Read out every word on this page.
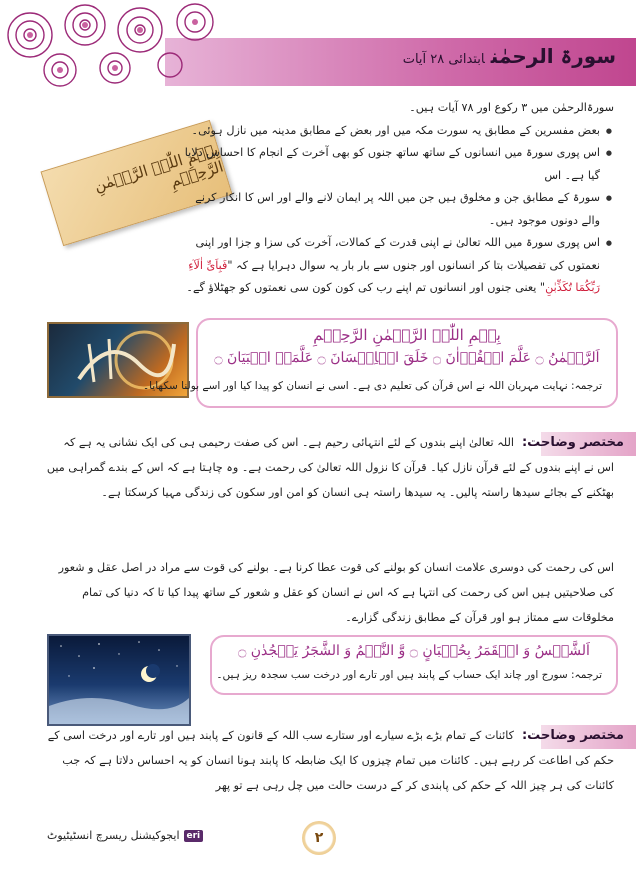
سورۃ الرحمٰنابتدائی ۲۸ آیات
بِسۡمِ اللّٰہِ الرَّحۡمٰنِ الرَّحِیۡمِ
سورۃالرحمٰن میں ۳ رکوع اور ۷۸ آیات ہیں۔
● بعض مفسرین کے مطابق یہ سورت مکہ میں اور بعض کے مطابق مدینہ میں نازل ہوئی۔
● اس پوری سورۃ میں انسانوں کے ساتھ ساتھ جنوں کو بھی آخرت کے انجام کا احساس دلایا گیا ہے۔ اس
● سورۃ کے مطابق جن و مخلوق ہیں جن میں اللہ پر ایمان لانے والے اور اس کا انکار کرنے والے دونوں موجود ہیں۔
● اس پوری سورۃ میں اللہ تعالیٰ نے اپنی قدرت کے کمالات، آخرت کی سزا و جزا اور اپنی نعمتوں کی تفصیلات بتا کر انسانوں اور جنوں سے بار بار یہ سوال دہرایا ہے کہ "فَبِاَیِّ اٰلَآءِ رَبِّکُمَا تُکَذِّبٰنِ" یعنی جنوں اور انسانوں تم اپنے رب کی کون کون سی نعمتوں کو جھٹلاؤ گے۔
بِسۡمِ اللّٰہِ الرَّحۡمٰنِ الرَّحِیۡمِ
اَلرَّحۡمٰنُ ۝ عَلَّمَ الۡقُرۡاٰنَ ۝ خَلَقَ الۡاِنۡسَانَ ۝ عَلَّمَہُ الۡبَیَانَ ۝
ترجمہ: نہایت مہربان اللہ نے اس قرآن کی تعلیم دی ہے۔ اسی نے انسان کو پیدا کیا اور اسے بولنا سکھایا۔
مختصر وضاحت:
اللہ تعالیٰ اپنے بندوں کے لئے انتہائی رحیم ہے۔ اس کی صفت رحیمی ہی کی ایک نشانی یہ ہے کہ اس نے اپنے بندوں کے لئے قرآن نازل کیا۔ قرآن کا نزول اللہ تعالیٰ کی رحمت ہے۔ وہ چاہتا ہے کہ اس کے بندے گمراہی میں بھٹکنے کے بجائے سیدھا راستہ پالیں۔ یہ سیدھا راستہ ہی انسان کو امن اور سکون کی زندگی مہیا کرسکتا ہے۔
اس کی رحمت کی دوسری علامت انسان کو بولنے کی قوت عطا کرنا ہے۔ بولنے کی قوت سے مراد در اصل عقل و شعور کی صلاحیتیں ہیں اس کی رحمت کی انتہا ہے کہ اس نے انسان کو عقل و شعور کے ساتھ پیدا کیا تا کہ دنیا کی تمام مخلوقات سے ممتاز ہو اور قرآن کے مطابق زندگی گزارے۔
اَلشَّمۡسُ وَ الۡقَمَرُ بِحُسۡبَانٍ ۝ وَّ النَّجۡمُ وَ الشَّجَرُ یَسۡجُدٰنِ ۝
ترجمہ: سورج اور چاند ایک حساب کے پابند ہیں اور تارے اور درخت سب سجدہ ریز ہیں۔
مختصر وضاحت:
کائنات کے تمام بڑے بڑے سیارے اور ستارے سب اللہ کے قانون کے پابند ہیں اور تارے اور درخت اسی کے حکم کی اطاعت کر رہے ہیں۔ کائنات میں تمام چیزوں کا ایک ضابطہ کا پابند ہونا انسان کو یہ احساس دلاتا ہے کہ جب کائنات کی ہر چیز اللہ کے حکم کی پابندی کر کے درست حالت میں چل رہی ہے تو پھر
eri
ایجوکیشنل ریسرچ انسٹیٹیوٹ	۲
